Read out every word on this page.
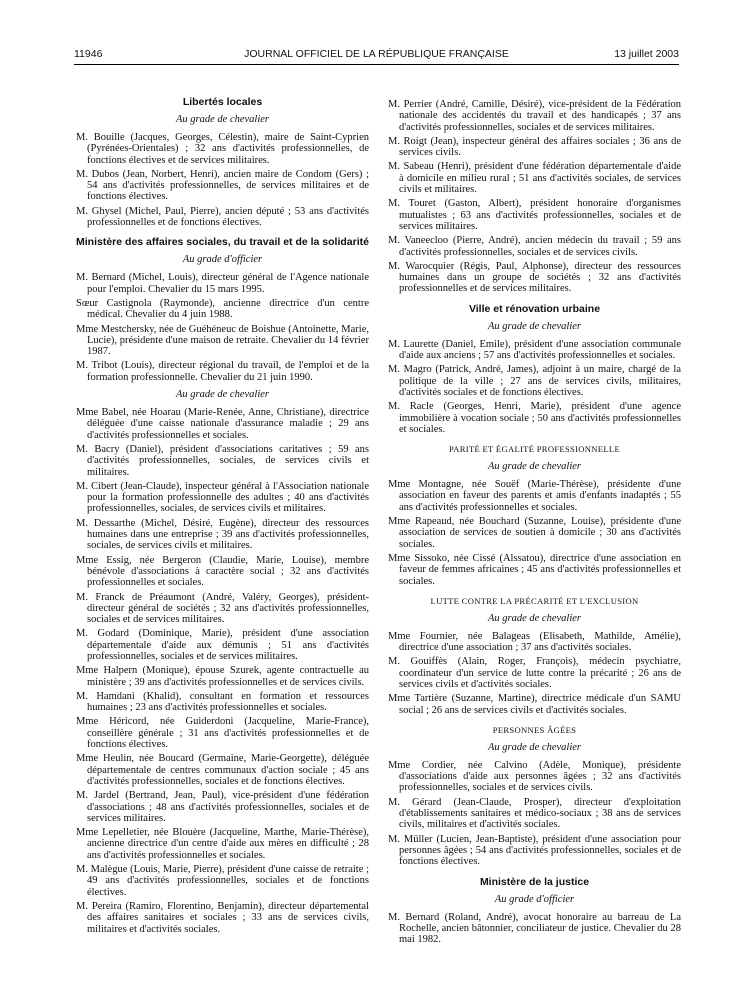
11946	JOURNAL OFFICIEL DE LA RÉPUBLIQUE FRANÇAISE	13 juillet 2003
Libertés locales
Au grade de chevalier
M. Bouille (Jacques, Georges, Célestin), maire de Saint-Cyprien (Pyrénées-Orientales) ; 32 ans d'activités professionnelles, de fonctions électives et de services militaires.
M. Dubos (Jean, Norbert, Henri), ancien maire de Condom (Gers) ; 54 ans d'activités professionnelles, de services militaires et de fonctions électives.
M. Ghysel (Michel, Paul, Pierre), ancien député ; 53 ans d'activités professionnelles et de fonctions électives.
Ministère des affaires sociales, du travail et de la solidarité
Au grade d'officier
M. Bernard (Michel, Louis), directeur général de l'Agence nationale pour l'emploi. Chevalier du 15 mars 1995.
Sœur Castignola (Raymonde), ancienne directrice d'un centre médical. Chevalier du 4 juin 1988.
Mme Mestchersky, née de Guéhéneuc de Boishue (Antoinette, Marie, Lucie), présidente d'une maison de retraite. Chevalier du 14 février 1987.
M. Tribot (Louis), directeur régional du travail, de l'emploi et de la formation professionnelle. Chevalier du 21 juin 1990.
Au grade de chevalier
Mme Babel, née Hoarau (Marie-Renée, Anne, Christiane), directrice déléguée d'une caisse nationale d'assurance maladie ; 29 ans d'activités professionnelles et sociales.
M. Bacry (Daniel), président d'associations caritatives ; 59 ans d'activités professionnelles, sociales, de services civils et militaires.
M. Cibert (Jean-Claude), inspecteur général à l'Association nationale pour la formation professionnelle des adultes ; 40 ans d'activités professionnelles, sociales, de services civils et militaires.
M. Dessarthe (Michel, Désiré, Eugène), directeur des ressources humaines dans une entreprise ; 39 ans d'activités professionnelles, sociales, de services civils et militaires.
Mme Essig, née Bergeron (Claudie, Marie, Louise), membre bénévole d'associations à caractère social ; 32 ans d'activités professionnelles et sociales.
M. Franck de Préaumont (André, Valéry, Georges), président-directeur général de sociétés ; 32 ans d'activités professionnelles, sociales et de services militaires.
M. Godard (Dominique, Marie), président d'une association départementale d'aide aux démunis ; 51 ans d'activités professionnelles, sociales et de services militaires.
Mme Halpern (Monique), épouse Szurek, agente contractuelle au ministère ; 39 ans d'activités professionnelles et de services civils.
M. Hamdani (Khalid), consultant en formation et ressources humaines ; 23 ans d'activités professionnelles et sociales.
Mme Héricord, née Guiderdoni (Jacqueline, Marie-France), conseillère générale ; 31 ans d'activités professionnelles et de fonctions électives.
Mme Heulin, née Boucard (Germaine, Marie-Georgette), déléguée départementale de centres communaux d'action sociale ; 45 ans d'activités professionnelles, sociales et de fonctions électives.
M. Jardel (Bertrand, Jean, Paul), vice-président d'une fédération d'associations ; 48 ans d'activités professionnelles, sociales et de services militaires.
Mme Lepelletier, née Blouère (Jacqueline, Marthe, Marie-Thérèse), ancienne directrice d'un centre d'aide aux mères en difficulté ; 28 ans d'activités professionnelles et sociales.
M. Malègue (Louis, Marie, Pierre), président d'une caisse de retraite ; 49 ans d'activités professionnelles, sociales et de fonctions électives.
M. Pereira (Ramiro, Florentino, Benjamin), directeur départemental des affaires sanitaires et sociales ; 33 ans de services civils, militaires et d'activités sociales.
M. Perrier (André, Camille, Désiré), vice-président de la Fédération nationale des accidentés du travail et des handicapés ; 37 ans d'activités professionnelles, sociales et de services militaires.
M. Roigt (Jean), inspecteur général des affaires sociales ; 36 ans de services civils.
M. Sabeau (Henri), président d'une fédération départementale d'aide à domicile en milieu rural ; 51 ans d'activités sociales, de services civils et militaires.
M. Touret (Gaston, Albert), président honoraire d'organismes mutualistes ; 63 ans d'activités professionnelles, sociales et de services militaires.
M. Vaneecloo (Pierre, André), ancien médecin du travail ; 59 ans d'activités professionnelles, sociales et de services civils.
M. Warocquier (Régis, Paul, Alphonse), directeur des ressources humaines dans un groupe de sociétés ; 32 ans d'activités professionnelles et de services militaires.
Ville et rénovation urbaine
Au grade de chevalier
M. Laurette (Daniel, Emile), président d'une association communale d'aide aux anciens ; 57 ans d'activités professionnelles et sociales.
M. Magro (Patrick, André, James), adjoint à un maire, chargé de la politique de la ville ; 27 ans de services civils, militaires, d'activités sociales et de fonctions électives.
M. Racle (Georges, Henri, Marie), président d'une agence immobilière à vocation sociale ; 50 ans d'activités professionnelles et sociales.
PARITÉ ET ÉGALITÉ PROFESSIONNELLE
Au grade de chevalier
Mme Montagne, née Souëf (Marie-Thérèse), présidente d'une association en faveur des parents et amis d'enfants inadaptés ; 55 ans d'activités professionnelles et sociales.
Mme Rapeaud, née Bouchard (Suzanne, Louise), présidente d'une association de services de soutien à domicile ; 30 ans d'activités sociales.
Mme Sissoko, née Cissé (Alssatou), directrice d'une association en faveur de femmes africaines ; 45 ans d'activités professionnelles et sociales.
LUTTE CONTRE LA PRÉCARITÉ ET L'EXCLUSION
Au grade de chevalier
Mme Fournier, née Balageas (Elisabeth, Mathilde, Amélie), directrice d'une association ; 37 ans d'activités sociales.
M. Gouiffès (Alain, Roger, François), médecin psychiatre, coordinateur d'un service de lutte contre la précarité ; 26 ans de services civils et d'activités sociales.
Mme Tartière (Suzanne, Martine), directrice médicale d'un SAMU social ; 26 ans de services civils et d'activités sociales.
PERSONNES ÂGÉES
Au grade de chevalier
Mme Cordier, née Calvino (Adèle, Monique), présidente d'associations d'aide aux personnes âgées ; 32 ans d'activités professionnelles, sociales et de services civils.
M. Gérard (Jean-Claude, Prosper), directeur d'exploitation d'établissements sanitaires et médico-sociaux ; 38 ans de services civils, militaires et d'activités sociales.
M. Müller (Lucien, Jean-Baptiste), président d'une association pour personnes âgées ; 54 ans d'activités professionnelles, sociales et de fonctions électives.
Ministère de la justice
Au grade d'officier
M. Bernard (Roland, André), avocat honoraire au barreau de La Rochelle, ancien bâtonnier, conciliateur de justice. Chevalier du 28 mai 1982.
